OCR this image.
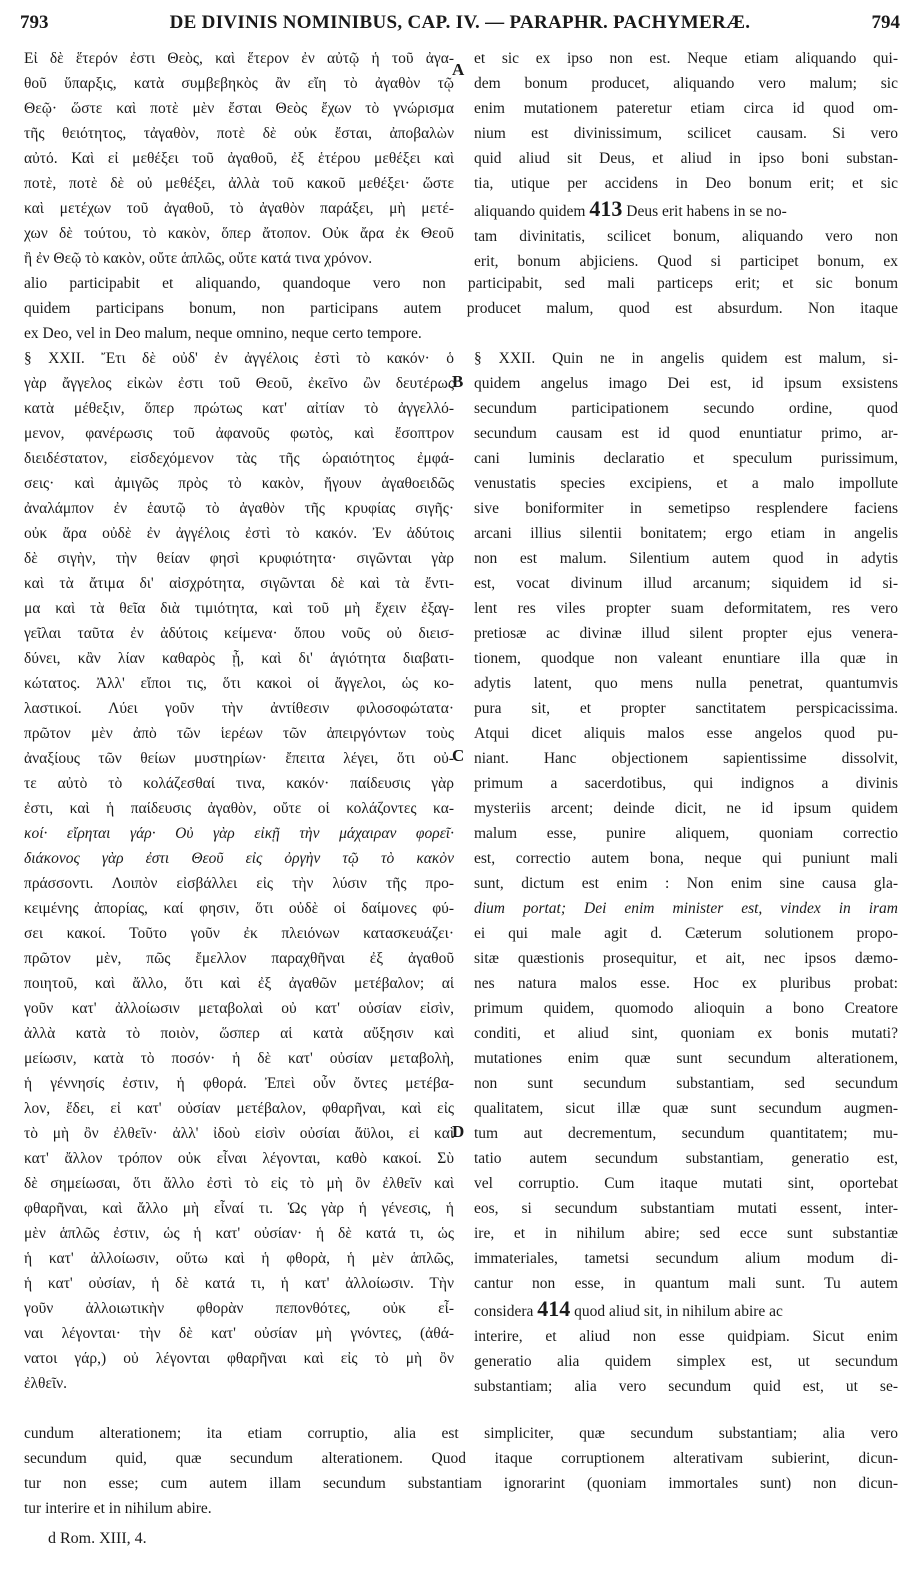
793	DE DIVINIS NOMINIBUS, CAP. IV. — PARAPHR. PACHYMERÆ.	794
Εἰ δὲ ἕτερόν ἐστι Θεὸς, καὶ ἕτερον ἐν αὐτῷ ἡ τοῦ ἀγα-
θοῦ ὕπαρξις, κατὰ συμβεβηκὸς ἂν εἴη τὸ ἀγαθὸν τῷ
Θεῷ· ὥστε καὶ ποτὲ μὲν ἔσται Θεὸς ἔχων τὸ γνώρισμα
τῆς θειότητος, τἀγαθὸν, ποτὲ δὲ οὐκ ἔσται, ἀποβαλὼν
αὐτό. Καὶ εἰ μεθέξει τοῦ ἀγαθοῦ, ἐξ ἑτέρου μεθέξει καὶ
ποτὲ, ποτὲ δὲ οὐ μεθέξει, ἀλλὰ τοῦ κακοῦ μεθέξει· ὥστε
καὶ μετέχων τοῦ ἀγαθοῦ, τὸ ἀγαθὸν παράξει, μὴ μετέ-
χων δὲ τούτου, τὸ κακὸν, ὅπερ ἄτοπον. Οὐκ ἄρα ἐκ Θεοῦ
ἢ ἐν Θεῷ τὸ κακὸν, οὔτε ἁπλῶς, οὔτε κατά τινα χρόνον.
A
et sic ex ipso non est. Neque etiam aliquando qui-
dem bonum producet, aliquando vero malum; sic
enim mutationem pateretur etiam circa id quod om-
nium est divinissimum, scilicet causam. Si vero
quid aliud sit Deus, et aliud in ipso boni substan-
tia, utique per accidens in Deo bonum erit; et sic
aliquando quidem 413 Deus erit habens in se no-
tam divinitatis, scilicet bonum, aliquando vero non
erit, bonum abjiciens. Quod si participet bonum, ex
alio participabit et aliquando, quandoque vero non participabit, sed mali particeps erit; et sic bonum
quidem participans bonum, non participans autem producet malum, quod est absurdum. Non itaque
ex Deo, vel in Deo malum, neque omnino, neque certo tempore.
§ XXII. Ἔτι δὲ οὐδ' ἐν ἀγγέλοις ἐστὶ τὸ κακόν· ὁ
γὰρ ἄγγελος εἰκὼν ἐστι τοῦ Θεοῦ, ἐκεῖνο ὢν δευτέρως
κατὰ μέθεξιν, ὅπερ πρώτως κατ' αἰτίαν τὸ ἀγγελλό-
μενον, φανέρωσις τοῦ ἀφανοῦς φωτὸς, καὶ ἔσοπτρον
διειδέστατον, εἰσδεχόμενον τὰς τῆς ὡραιότητος ἐμφά-
σεις· καὶ ἀμιγῶς πρὸς τὸ κακὸν, ἤγουν ἀγαθοειδῶς
ἀναλάμπον ἐν ἑαυτῷ τὸ ἀγαθὸν τῆς κρυφίας σιγῆς·
οὐκ ἄρα οὐδὲ ἐν ἀγγέλοις ἐστὶ τὸ κακόν. Ἐν ἀδύτοις
δὲ σιγὴν, τὴν θείαν φησὶ κρυφιότητα· σιγῶνται γὰρ
καὶ τὰ ἄτιμα δι' αἰσχρότητα, σιγῶνται δὲ καὶ τὰ ἔντι-
μα καὶ τὰ θεῖα διὰ τιμιότητα, καὶ τοῦ μὴ ἔχειν ἐξαγ-
γεῖλαι ταῦτα ἐν ἀδύτοις κείμενα· ὅπου νοῦς οὐ διεισ-
δύνει, κἂν λίαν καθαρὸς ᾖ, καὶ δι' ἁγιότητα διαβατι-
κώτατος. Ἀλλ' εἴποι τις, ὅτι κακοὶ οἱ ἄγγελοι, ὡς κο-
λαστικοί. Λύει γοῦν τὴν ἀντίθεσιν φιλοσοφώτατα·
πρῶτον μὲν ἀπὸ τῶν ἱερέων τῶν ἀπειργόντων τοὺς
ἀναξίους τῶν θείων μυστηρίων· ἔπειτα λέγει, ὅτι οὐ-
τε αὐτὸ τὸ κολάζεσθαί τινα, κακόν· παίδευσις γὰρ
ἐστι, καὶ ἡ παίδευσις ἀγαθὸν, οὔτε οἱ κολάζοντες κα-
κοί· εἴρηται γάρ· Οὐ γὰρ εἰκῇ τὴν μάχαιραν φορεῖ·
διάκονος γὰρ ἐστι Θεοῦ εἰς ὀργὴν τῷ τὸ κακὸν
πράσσοντι. Λοιπὸν εἰσβάλλει εἰς τὴν λύσιν τῆς προ-
κειμένης ἀπορίας, καί φησιν, ὅτι οὐδὲ οἱ δαίμονες φύ-
σει κακοί. Τοῦτο γοῦν ἐκ πλειόνων κατασκευάζει·
πρῶτον μὲν, πῶς ἔμελλον παραχθῆναι ἐξ ἀγαθοῦ
ποιητοῦ, καὶ ἄλλο, ὅτι καὶ ἐξ ἀγαθῶν μετέβαλον; αἱ
γοῦν κατ' ἀλλοίωσιν μεταβολαὶ οὐ κατ' οὐσίαν εἰσὶν,
ἀλλὰ κατὰ τὸ ποιὸν, ὥσπερ αἱ κατὰ αὔξησιν καὶ
μείωσιν, κατὰ τὸ ποσόν· ἡ δὲ κατ' οὐσίαν μεταβολὴ,
ἡ γέννησίς ἐστιν, ἡ φθορά. Ἐπεὶ οὖν ὄντες μετέβα-
λον, ἔδει, εἰ κατ' οὐσίαν μετέβαλον, φθαρῆναι, καὶ εἰς
τὸ μὴ ὂν ἐλθεῖν· ἀλλ' ἰδοὺ εἰσὶν οὐσίαι ἄϋλοι, εἰ καὶ
κατ' ἄλλον τρόπον οὐκ εἶναι λέγονται, καθὸ κακοί. Σὺ
δὲ σημείωσαι, ὅτι ἄλλο ἐστὶ τὸ εἰς τὸ μὴ ὂν ἐλθεῖν καὶ
φθαρῆναι, καὶ ἄλλο μὴ εἶναί τι. Ὡς γὰρ ἡ γένεσις, ἡ
μὲν ἁπλῶς ἐστιν, ὡς ἡ κατ' οὐσίαν· ἡ δὲ κατά τι, ὡς
ἡ κατ' ἀλλοίωσιν, οὕτω καὶ ἡ φθορὰ, ἡ μὲν ἁπλῶς,
ἡ κατ' οὐσίαν, ἡ δὲ κατά τι, ἡ κατ' ἀλλοίωσιν. Τὴν
γοῦν ἀλλοιωτικὴν φθορὰν πεπονθότες, οὐκ εἶ-
ναι λέγονται· τὴν δὲ κατ' οὐσίαν μὴ γνόντες, (ἀθά-
νατοι γάρ,) οὐ λέγονται φθαρῆναι καὶ εἰς τὸ μὴ ὂν
ἐλθεῖν.
B
C
D
§ XXII. Quin ne in angelis quidem est malum, si-
quidem angelus imago Dei est, id ipsum exsistens
secundum participationem secundo ordine, quod
secundum causam est id quod enuntiatur primo, ar-
cani luminis declaratio et speculum purissimum,
venustatis species excipiens, et a malo impollute
sive boniformiter in semetipso resplendere faciens
arcani illius silentii bonitatem; ergo etiam in angelis
non est malum. Silentium autem quod in adytis
est, vocat divinum illud arcanum; siquidem id si-
lent res viles propter suam deformitatem, res vero
pretiosæ ac divinæ illud silent propter ejus venera-
tionem, quodque non valeant enuntiare illa quæ in
adytis latent, quo mens nulla penetrat, quantumvis
pura sit, et propter sanctitatem perspicacissima.
Atqui dicet aliquis malos esse angelos quod pu-
niant. Hanc objectionem sapientissime dissolvit,
primum a sacerdotibus, qui indignos a divinis
mysteriis arcent; deinde dicit, ne id ipsum quidem
malum esse, punire aliquem, quoniam correctio
est, correctio autem bona, neque qui puniunt mali
sunt, dictum est enim : Non enim sine causa gla-
dium portat; Dei enim minister est, vindex in iram
ei qui male agit d. Cæterum solutionem propo-
sitæ quæstionis prosequitur, et ait, nec ipsos dæmo-
nes natura malos esse. Hoc ex pluribus probat:
primum quidem, quomodo alioquin a bono Creatore
conditi, et aliud sint, quoniam ex bonis mutati?
mutationes enim quæ sunt secundum alterationem,
non sunt secundum substantiam, sed secundum
qualitatem, sicut illæ quæ sunt secundum augmen-
tum aut decrementum, secundum quantitatem; mu-
tatio autem secundum substantiam, generatio est,
vel corruptio. Cum itaque mutati sint, oportebat
eos, si secundum substantiam mutati essent, inter-
ire, et in nihilum abire; sed ecce sunt substantiæ
immateriales, tametsi secundum alium modum di-
cantur non esse, in quantum mali sunt. Tu autem
considera 414 quod aliud sit, in nihilum abire ac
interire, et aliud non esse quidpiam. Sicut enim
generatio alia quidem simplex est, ut secundum
substantiam; alia vero secundum quid est, ut se-
cundum alterationem; ita etiam corruptio, alia est simpliciter, quæ secundum substantiam; alia vero
secundum quid, quæ secundum alterationem. Quod itaque corruptionem alterativam subierint, dicun-
tur non esse; cum autem illam secundum substantiam ignorarint (quoniam immortales sunt) non dicun-
tur interire et in nihilum abire.
d Rom. XIII, 4.
